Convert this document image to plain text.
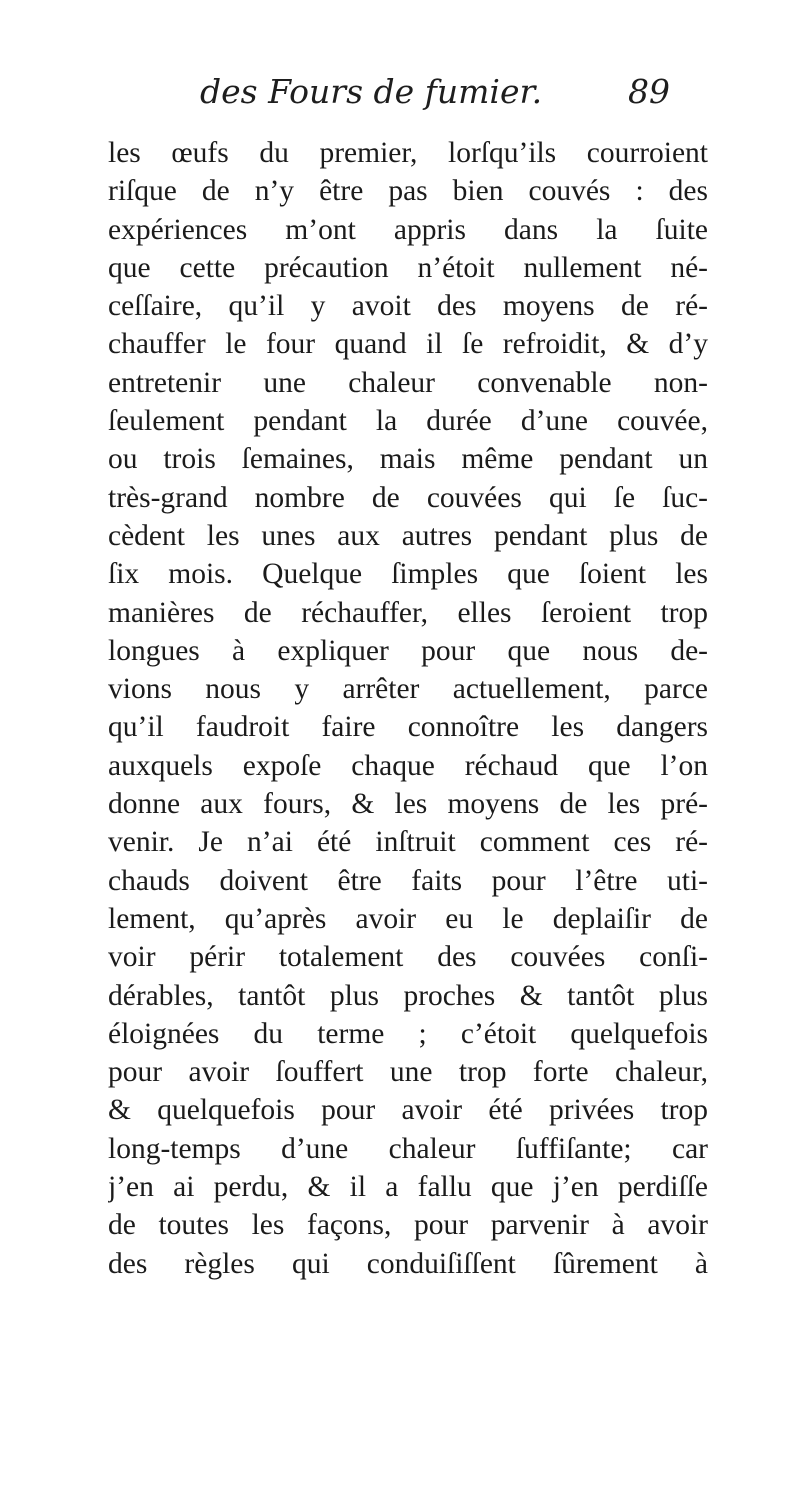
des Fours de fumier.	89
les œufs du premier, lorſqu’ils courroient
riſque de n’y être pas bien couvés : des
expériences m’ont appris dans la ſuite
que cette précaution n’étoit nullement né-
ceſſaire, qu’il y avoit des moyens de ré-
chauffer le four quand il ſe refroidit, & d’y
entretenir une chaleur convenable non-
ſeulement pendant la durée d’une couvée,
ou trois ſemaines, mais même pendant un
très-grand nombre de couvées qui ſe ſuc-
cèdent les unes aux autres pendant plus de
ſix mois. Quelque ſimples que ſoient les
manières de réchauffer, elles ſeroient trop
longues à expliquer pour que nous de-
vions nous y arrêter actuellement, parce
qu’il faudroit faire connoître les dangers
auxquels expoſe chaque réchaud que l’on
donne aux fours, & les moyens de les pré-
venir. Je n’ai été inſtruit comment ces ré-
chauds doivent être faits pour l’être uti-
lement, qu’après avoir eu le deplaiſir de
voir périr totalement des couvées conſi-
dérables, tantôt plus proches & tantôt plus
éloignées du terme ; c’étoit quelquefois
pour avoir ſouffert une trop forte chaleur,
& quelquefois pour avoir été privées trop
long-temps d’une chaleur ſuffiſante; car
j’en ai perdu, & il a fallu que j’en perdiſſe
de toutes les façons, pour parvenir à avoir
des règles qui conduiſiſſent ſûrement à
